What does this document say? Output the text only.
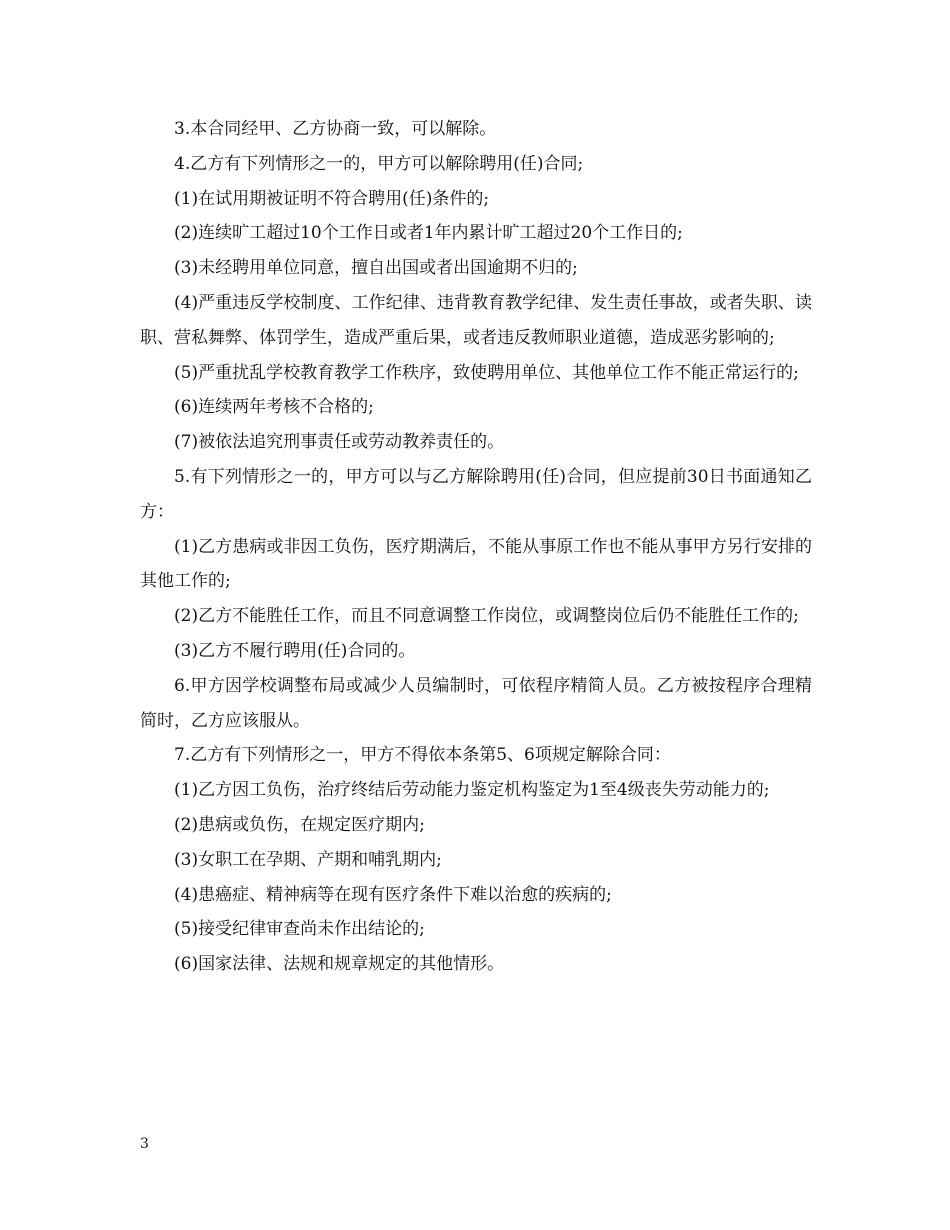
3.本合同经甲、乙方协商一致，可以解除。

4.乙方有下列情形之一的，甲方可以解除聘用(任)合同;

(1)在试用期被证明不符合聘用(任)条件的;

(2)连续旷工超过10个工作日或者1年内累计旷工超过20个工作日的;

(3)未经聘用单位同意，擅自出国或者出国逾期不归的;

(4)严重违反学校制度、工作纪律、违背教育教学纪律、发生责任事故，或者失职、读职、营私舞弊、体罚学生，造成严重后果，或者违反教师职业道德，造成恶劣影响的;

(5)严重扰乱学校教育教学工作秩序，致使聘用单位、其他单位工作不能正常运行的;

(6)连续两年考核不合格的;

(7)被依法追究刑事责任或劳动教养责任的。

5.有下列情形之一的，甲方可以与乙方解除聘用(任)合同，但应提前30日书面通知乙方：

(1)乙方患病或非因工负伤，医疗期满后，不能从事原工作也不能从事甲方另行安排的其他工作的;

(2)乙方不能胜任工作，而且不同意调整工作岗位，或调整岗位后仍不能胜任工作的;

(3)乙方不履行聘用(任)合同的。

6.甲方因学校调整布局或减少人员编制时，可依程序精简人员。乙方被按程序合理精简时，乙方应该服从。

7.乙方有下列情形之一，甲方不得依本条第5、6项规定解除合同：

(1)乙方因工负伤，治疗终结后劳动能力鉴定机构鉴定为1至4级丧失劳动能力的;

(2)患病或负伤，在规定医疗期内;

(3)女职工在孕期、产期和哺乳期内;

(4)患癌症、精神病等在现有医疗条件下难以治愈的疾病的;

(5)接受纪律审查尚未作出结论的;

(6)国家法律、法规和规章规定的其他情形。

3
